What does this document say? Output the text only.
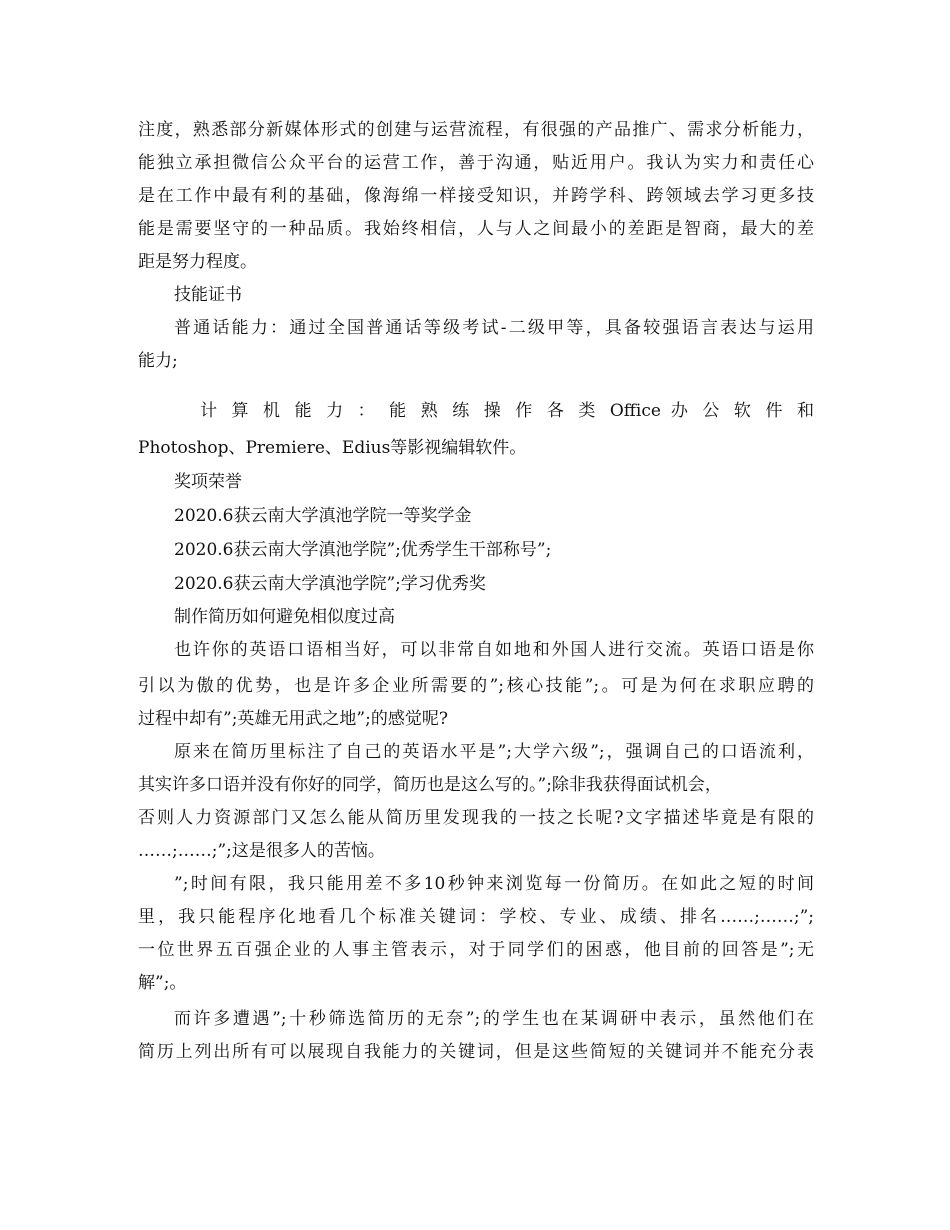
注度，熟悉部分新媒体形式的创建与运营流程，有很强的产品推广、需求分析能力，
能独立承担微信公众平台的运营工作，善于沟通，贴近用户。我认为实力和责任心
是在工作中最有利的基础，像海绵一样接受知识，并跨学科、跨领域去学习更多技
能是需要坚守的一种品质。我始终相信，人与人之间最小的差距是智商，最大的差
距是努力程度。
技能证书
普通话能力：通过全国普通话等级考试-二级甲等，具备较强语言表达与运用
能力;
计 算 机 能 力 ： 能 熟 练 操 作 各 类 Office 办 公 软 件 和
Photoshop、Premiere、Edius等影视编辑软件。
奖项荣誉
2020.6获云南大学滇池学院一等奖学金
2020.6获云南大学滇池学院”;优秀学生干部称号”;
2020.6获云南大学滇池学院”;学习优秀奖
制作简历如何避免相似度过高
也许你的英语口语相当好，可以非常自如地和外国人进行交流。英语口语是你
引以为傲的优势，也是许多企业所需要的”;核心技能”;。可是为何在求职应聘的
过程中却有”;英雄无用武之地”;的感觉呢?
原来在简历里标注了自己的英语水平是”;大学六级”;，强调自己的口语流利，
其实许多口语并没有你好的同学，简历也是这么写的。”;除非我获得面试机会，
否则人力资源部门又怎么能从简历里发现我的一技之长呢?文字描述毕竟是有限的
……;……;”;这是很多人的苦恼。
”;时间有限，我只能用差不多10秒钟来浏览每一份简历。在如此之短的时间
里，我只能程序化地看几个标准关键词：学校、专业、成绩、排名……;……;”;
一位世界五百强企业的人事主管表示，对于同学们的困惑，他目前的回答是”;无
解”;。
而许多遭遇”;十秒筛选简历的无奈”;的学生也在某调研中表示，虽然他们在
简历上列出所有可以展现自我能力的关键词，但是这些简短的关键词并不能充分表
